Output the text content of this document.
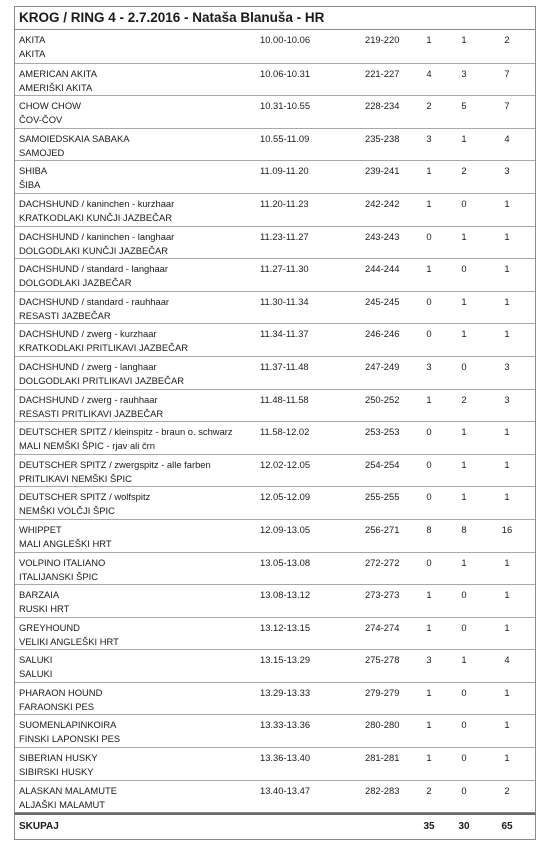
KROG / RING 4 - 2.7.2016 - Nataša Blanuša - HR
AKITA
AKITA
10.00-10.06	219-220	1	1	2
AMERICAN AKITA
AMERIŠKI AKITA
10.06-10.31	221-227	4	3	7
CHOW CHOW
ČOV-ČOV
10.31-10.55	228-234	2	5	7
SAMOIEDSKAIA SABAKA
SAMOJED
10.55-11.09	235-238	3	1	4
SHIBA
ŠIBA
11.09-11.20	239-241	1	2	3
DACHSHUND / kaninchen - kurzhaar
KRATKODLAKI KUNČJI JAZBEČAR
11.20-11.23	242-242	1	0	1
DACHSHUND / kaninchen - langhaar
DOLGODLAKI KUNČJI JAZBEČAR
11.23-11.27	243-243	0	1	1
DACHSHUND / standard - langhaar
DOLGODLAKI JAZBEČAR
11.27-11.30	244-244	1	0	1
DACHSHUND / standard - rauhhaar
RESASTI JAZBEČAR
11.30-11.34	245-245	0	1	1
DACHSHUND / zwerg - kurzhaar
KRATKODLAKI PRITLIKAVI JAZBEČAR
11.34-11.37	246-246	0	1	1
DACHSHUND / zwerg - langhaar
DOLGODLAKI PRITLIKAVI JAZBEČAR
11.37-11.48	247-249	3	0	3
DACHSHUND / zwerg - rauhhaar
RESASTI PRITLIKAVI JAZBEČAR
11.48-11.58	250-252	1	2	3
DEUTSCHER SPITZ / kleinspitz - braun o. schwarz
MALI NEMŠKI ŠPIC - rjav ali črn
11.58-12.02	253-253	0	1	1
DEUTSCHER SPITZ / zwergspitz - alle farben
PRITLIKAVI NEMŠKI ŠPIC
12.02-12.05	254-254	0	1	1
DEUTSCHER SPITZ / wolfspitz
NEMŠKI VOLČJI ŠPIC
12.05-12.09	255-255	0	1	1
WHIPPET
MALI ANGLEŠKI HRT
12.09-13.05	256-271	8	8	16
VOLPINO ITALIANO
ITALIJANSKI ŠPIC
13.05-13.08	272-272	0	1	1
BARZAIA
RUSKI HRT
13.08-13.12	273-273	1	0	1
GREYHOUND
VELIKI ANGLEŠKI HRT
13.12-13.15	274-274	1	0	1
SALUKI
SALUKI
13.15-13.29	275-278	3	1	4
PHARAON HOUND
FARAONSKI PES
13.29-13.33	279-279	1	0	1
SUOMENLAPINKOIRA
FINSKI LAPONSKI PES
13.33-13.36	280-280	1	0	1
SIBERIAN HUSKY
SIBIRSKI HUSKY
13.36-13.40	281-281	1	0	1
ALASKAN MALAMUTE
ALJAŠKI MALAMUT
13.40-13.47	282-283	2	0	2
SKUPAJ	35	30	65
